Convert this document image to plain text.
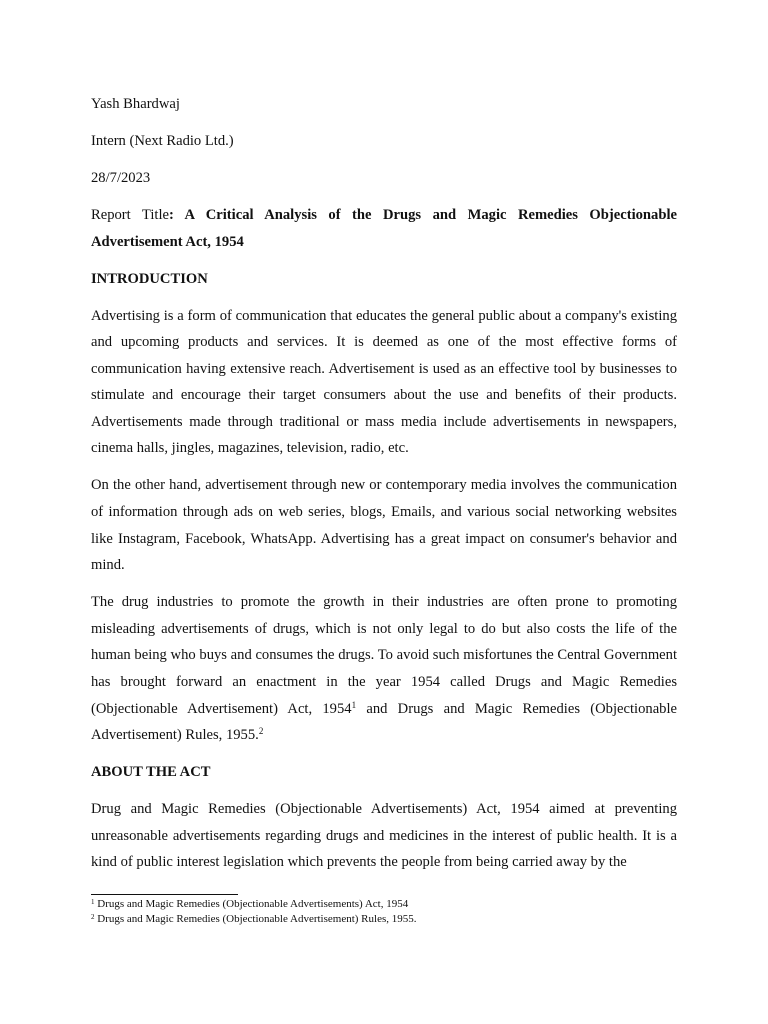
Yash Bhardwaj

Intern (Next Radio Ltd.)

28/7/2023

Report Title: A Critical Analysis of the Drugs and Magic Remedies Objectionable Advertisement Act, 1954

INTRODUCTION

Advertising is a form of communication that educates the general public about a company's existing and upcoming products and services. It is deemed as one of the most effective forms of communication having extensive reach. Advertisement is used as an effective tool by businesses to stimulate and encourage their target consumers about the use and benefits of their products. Advertisements made through traditional or mass media include advertisements in newspapers, cinema halls, jingles, magazines, television, radio, etc.

On the other hand, advertisement through new or contemporary media involves the communication of information through ads on web series, blogs, Emails, and various social networking websites like Instagram, Facebook, WhatsApp. Advertising has a great impact on consumer's behavior and mind.

The drug industries to promote the growth in their industries are often prone to promoting misleading advertisements of drugs, which is not only legal to do but also costs the life of the human being who buys and consumes the drugs. To avoid such misfortunes the Central Government has brought forward an enactment in the year 1954 called Drugs and Magic Remedies (Objectionable Advertisement) Act, 1954$^1$ and Drugs and Magic Remedies (Objectionable Advertisement) Rules, 1955.$^2$

ABOUT THE ACT

Drug and Magic Remedies (Objectionable Advertisements) Act, 1954 aimed at preventing unreasonable advertisements regarding drugs and medicines in the interest of public health. It is a kind of public interest legislation which prevents the people from being carried away by the

$^1$ Drugs and Magic Remedies (Objectionable Advertisements) Act, 1954

$^2$ Drugs and Magic Remedies (Objectionable Advertisement) Rules, 1955.
